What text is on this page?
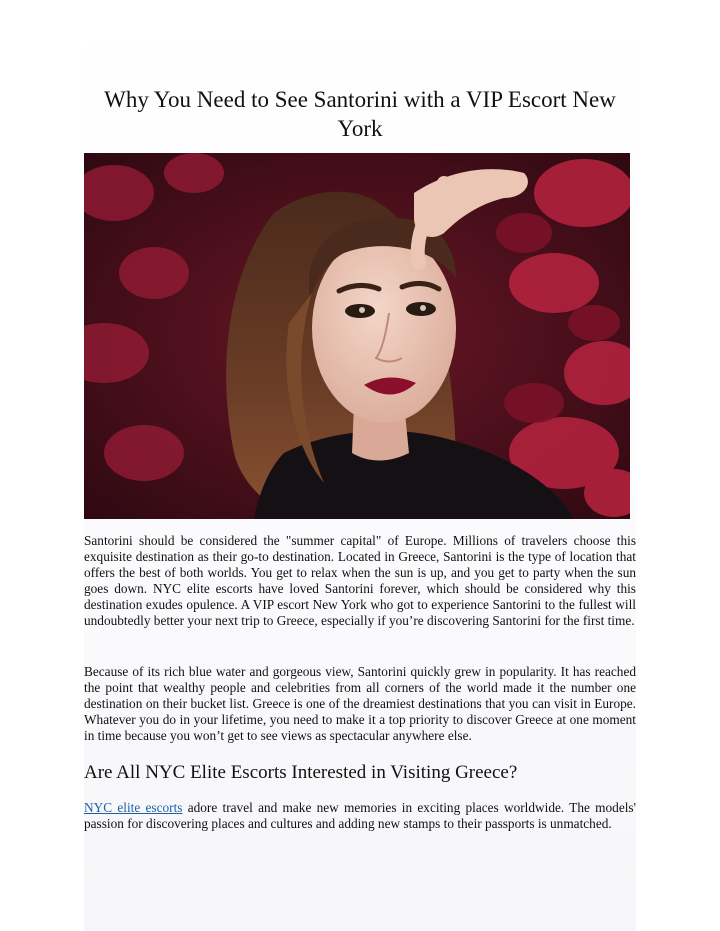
Why You Need to See Santorini with a VIP Escort New York

Santorini should be considered the "summer capital" of Europe. Millions of travelers choose this exquisite destination as their go-to destination. Located in Greece, Santorini is the type of location that offers the best of both worlds. You get to relax when the sun is up, and you get to party when the sun goes down. NYC elite escorts have loved Santorini forever, which should be considered why this destination exudes opulence. A VIP escort New York who got to experience Santorini to the fullest will undoubtedly better your next trip to Greece, especially if you’re discovering Santorini for the first time.

Because of its rich blue water and gorgeous view, Santorini quickly grew in popularity. It has reached the point that wealthy people and celebrities from all corners of the world made it the number one destination on their bucket list. Greece is one of the dreamiest destinations that you can visit in Europe. Whatever you do in your lifetime, you need to make it a top priority to discover Greece at one moment in time because you won’t get to see views as spectacular anywhere else.

Are All NYC Elite Escorts Interested in Visiting Greece?

NYC elite escorts adore travel and make new memories in exciting places worldwide. The models' passion for discovering places and cultures and adding new stamps to their passports is unmatched.
